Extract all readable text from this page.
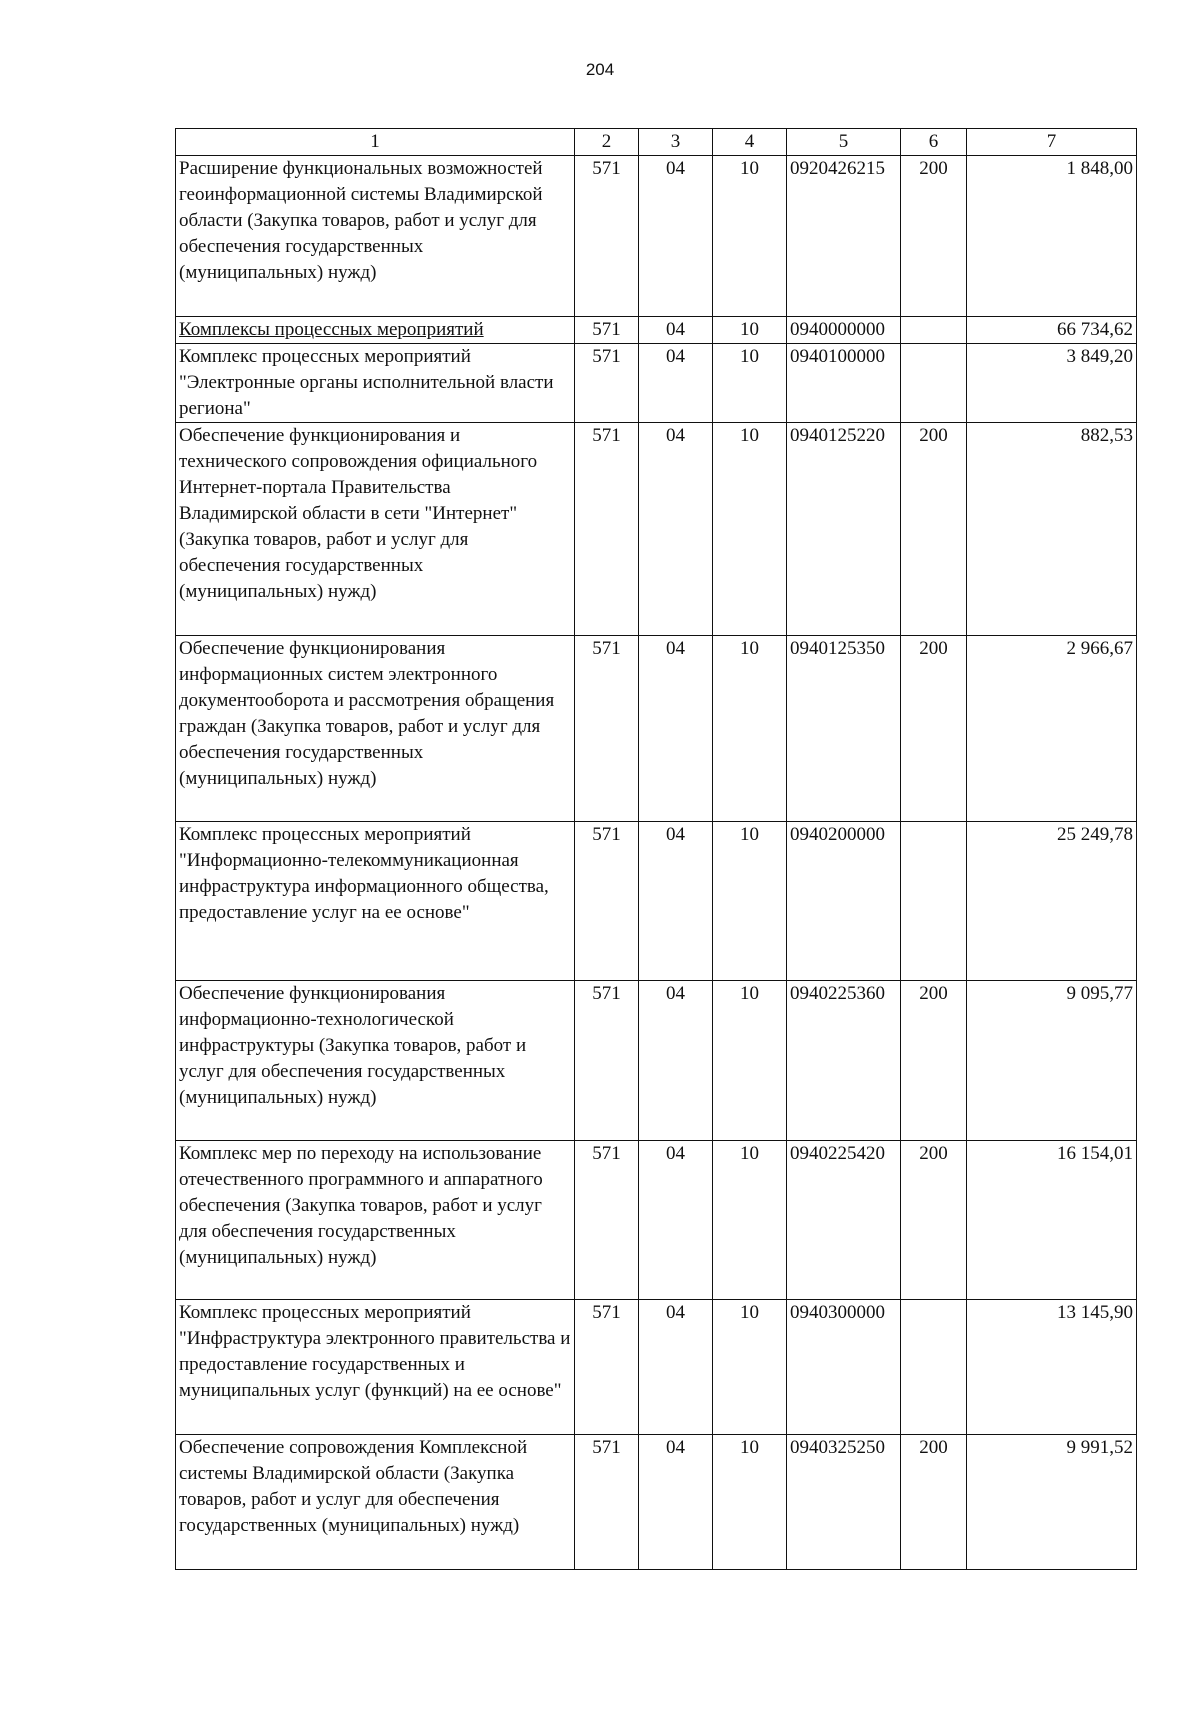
204
1	2	3	4	5	6	7
Расширение функциональных возможностей геоинформационной системы Владимирской области (Закупка товаров, работ и услуг для обеспечения государственных (муниципальных) нужд)	571	04	10	0920426215	200	1 848,00
Комплексы процессных мероприятий	571	04	10	0940000000		66 734,62
Комплекс процессных мероприятий "Электронные органы исполнительной власти региона"	571	04	10	0940100000		3 849,20
Обеспечение функционирования и технического сопровождения официального Интернет-портала Правительства Владимирской области в сети "Интернет" (Закупка товаров, работ и услуг для обеспечения государственных (муниципальных) нужд)	571	04	10	0940125220	200	882,53
Обеспечение функционирования информационных систем электронного документооборота и рассмотрения обращения граждан (Закупка товаров, работ и услуг для обеспечения государственных (муниципальных) нужд)	571	04	10	0940125350	200	2 966,67
Комплекс процессных мероприятий "Информационно-телекоммуникационная инфраструктура информационного общества, предоставление услуг на ее основе"	571	04	10	0940200000		25 249,78
Обеспечение функционирования информационно-технологической инфраструктуры (Закупка товаров, работ и услуг для обеспечения государственных (муниципальных) нужд)	571	04	10	0940225360	200	9 095,77
Комплекс мер по переходу на использование отечественного программного и аппаратного обеспечения (Закупка товаров, работ и услуг для обеспечения государственных (муниципальных) нужд)	571	04	10	0940225420	200	16 154,01
Комплекс процессных мероприятий "Инфраструктура электронного правительства и предоставление государственных и муниципальных услуг (функций) на ее основе"	571	04	10	0940300000		13 145,90
Обеспечение сопровождения Комплексной системы Владимирской области (Закупка товаров, работ и услуг для обеспечения государственных (муниципальных) нужд)	571	04	10	0940325250	200	9 991,52
